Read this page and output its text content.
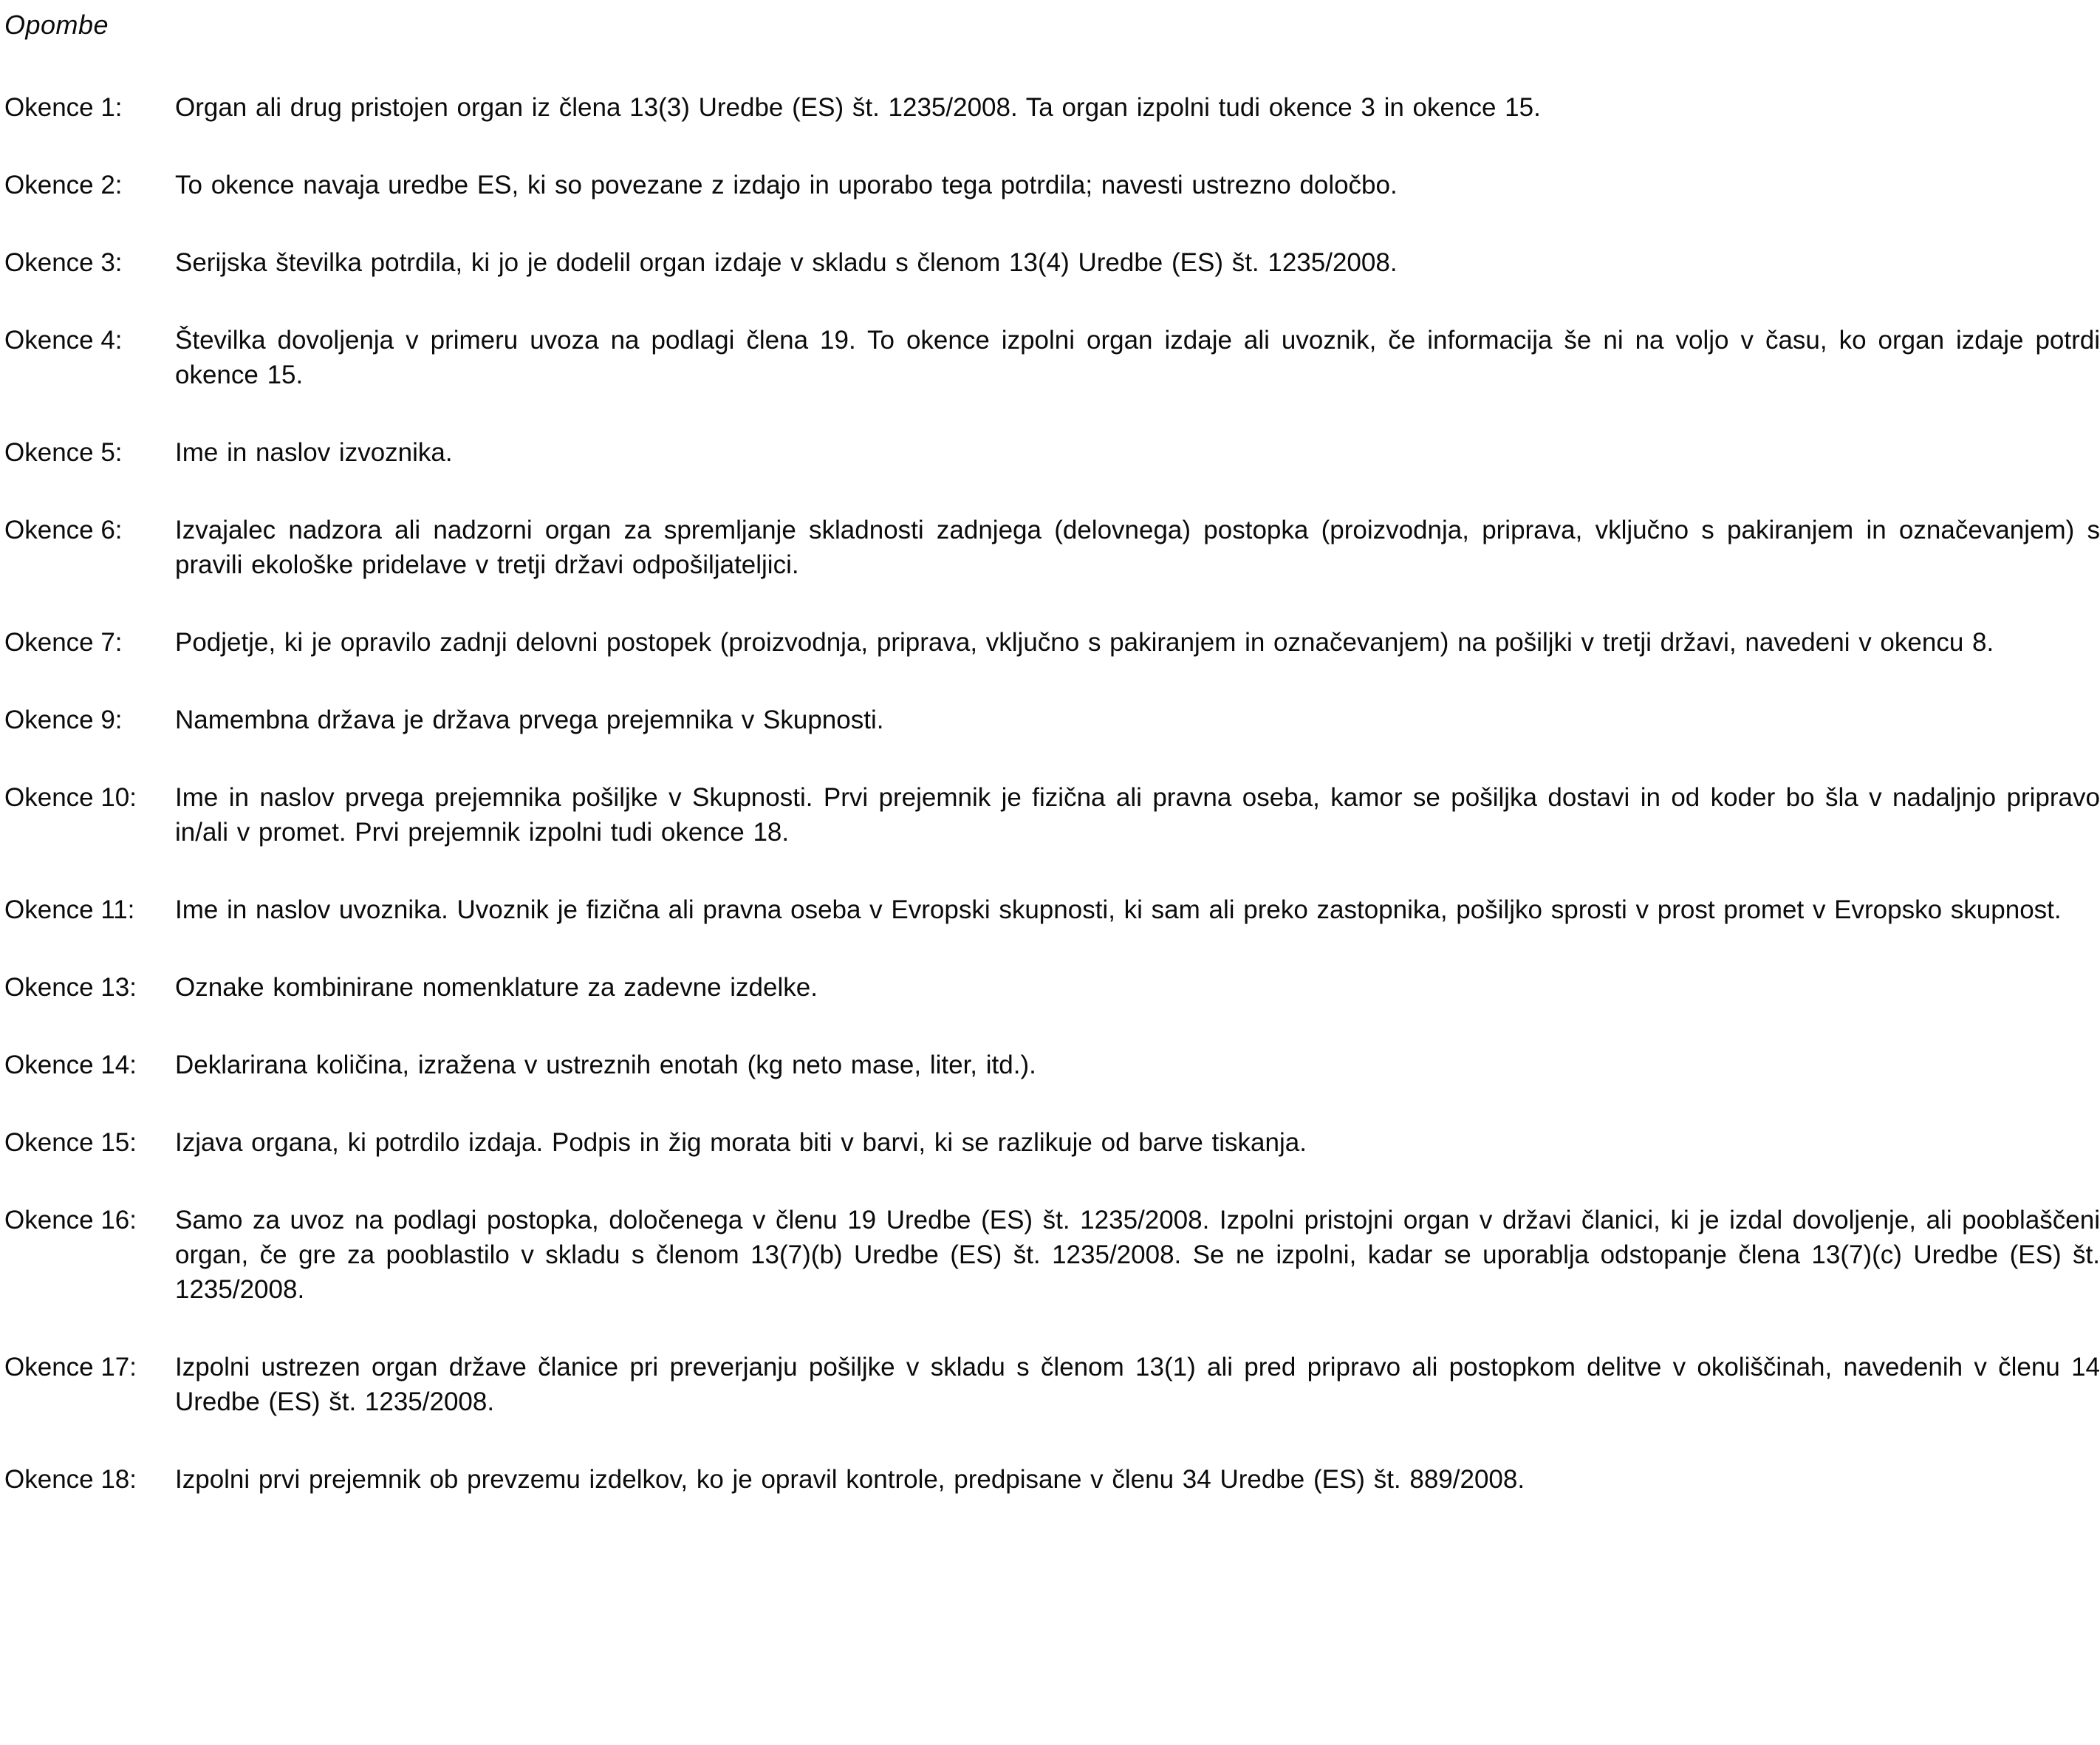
Opombe
Okence 1:	Organ ali drug pristojen organ iz člena 13(3) Uredbe (ES) št. 1235/2008. Ta organ izpolni tudi okence 3 in okence 15.
Okence 2:	To okence navaja uredbe ES, ki so povezane z izdajo in uporabo tega potrdila; navesti ustrezno določbo.
Okence 3:	Serijska številka potrdila, ki jo je dodelil organ izdaje v skladu s členom 13(4) Uredbe (ES) št. 1235/2008.
Okence 4:	Številka dovoljenja v primeru uvoza na podlagi člena 19. To okence izpolni organ izdaje ali uvoznik, če informacija še ni na voljo v času, ko organ izdaje potrdi okence 15.
Okence 5:	Ime in naslov izvoznika.
Okence 6:	Izvajalec nadzora ali nadzorni organ za spremljanje skladnosti zadnjega (delovnega) postopka (proizvodnja, priprava, vključno s pakiranjem in označevanjem) s pravili ekološke pridelave v tretji državi odpošiljateljici.
Okence 7:	Podjetje, ki je opravilo zadnji delovni postopek (proizvodnja, priprava, vključno s pakiranjem in označevanjem) na pošiljki v tretji državi, navedeni v okencu 8.
Okence 9:	Namembna država je država prvega prejemnika v Skupnosti.
Okence 10:	Ime in naslov prvega prejemnika pošiljke v Skupnosti. Prvi prejemnik je fizična ali pravna oseba, kamor se pošiljka dostavi in od koder bo šla v nadaljnjo pripravo in/ali v promet. Prvi prejemnik izpolni tudi okence 18.
Okence 11:	Ime in naslov uvoznika. Uvoznik je fizična ali pravna oseba v Evropski skupnosti, ki sam ali preko zastopnika, pošiljko sprosti v prost promet v Evropsko skupnost.
Okence 13:	Oznake kombinirane nomenklature za zadevne izdelke.
Okence 14:	Deklarirana količina, izražena v ustreznih enotah (kg neto mase, liter, itd.).
Okence 15:	Izjava organa, ki potrdilo izdaja. Podpis in žig morata biti v barvi, ki se razlikuje od barve tiskanja.
Okence 16:	Samo za uvoz na podlagi postopka, določenega v členu 19 Uredbe (ES) št. 1235/2008. Izpolni pristojni organ v državi članici, ki je izdal dovoljenje, ali pooblaščeni organ, če gre za pooblastilo v skladu s členom 13(7)(b) Uredbe (ES) št. 1235/2008. Se ne izpolni, kadar se uporablja odstopanje člena 13(7)(c) Uredbe (ES) št. 1235/2008.
Okence 17:	Izpolni ustrezen organ države članice pri preverjanju pošiljke v skladu s členom 13(1) ali pred pripravo ali postopkom delitve v okoliščinah, navedenih v členu 14 Uredbe (ES) št. 1235/2008.
Okence 18:	Izpolni prvi prejemnik ob prevzemu izdelkov, ko je opravil kontrole, predpisane v členu 34 Uredbe (ES) št. 889/2008.
